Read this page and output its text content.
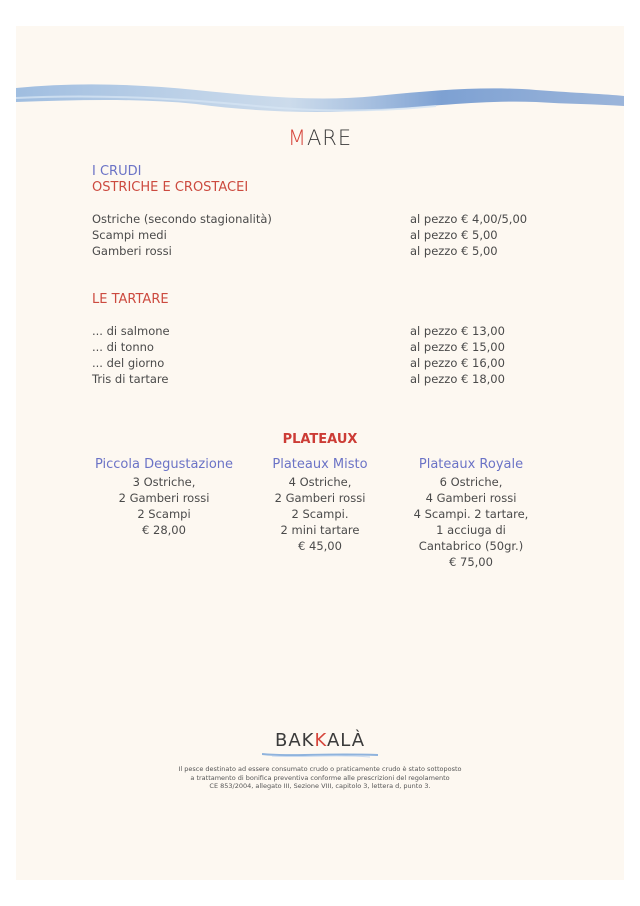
MARE
I CRUDI
OSTRICHE E CROSTACEI
Ostriche (secondo stagionalità)	al pezzo € 4,00/5,00
Scampi medi	al pezzo € 5,00
Gamberi rossi	al pezzo € 5,00
LE TARTARE
... di salmone	al pezzo € 13,00
... di tonno	al pezzo € 15,00
... del giorno	al pezzo € 16,00
Tris di tartare	al pezzo € 18,00
PLATEAUX
Piccola Degustazione
3 Ostriche,
2 Gamberi rossi
2 Scampi
€ 28,00
Plateaux Misto
4 Ostriche,
2 Gamberi rossi
2 Scampi.
2 mini tartare
€ 45,00
Plateaux Royale
6 Ostriche,
4 Gamberi rossi
4 Scampi. 2 tartare,
1 acciuga di
Cantabrico (50gr.)
€ 75,00
BAKKALÀ
Il pesce destinato ad essere consumato crudo o praticamente crudo è stato sottoposto
a trattamento di bonifica preventiva conforme alle prescrizioni del regolamento
CE 853/2004, allegato III, Sezione VIII, capitolo 3, lettera d, punto 3.
